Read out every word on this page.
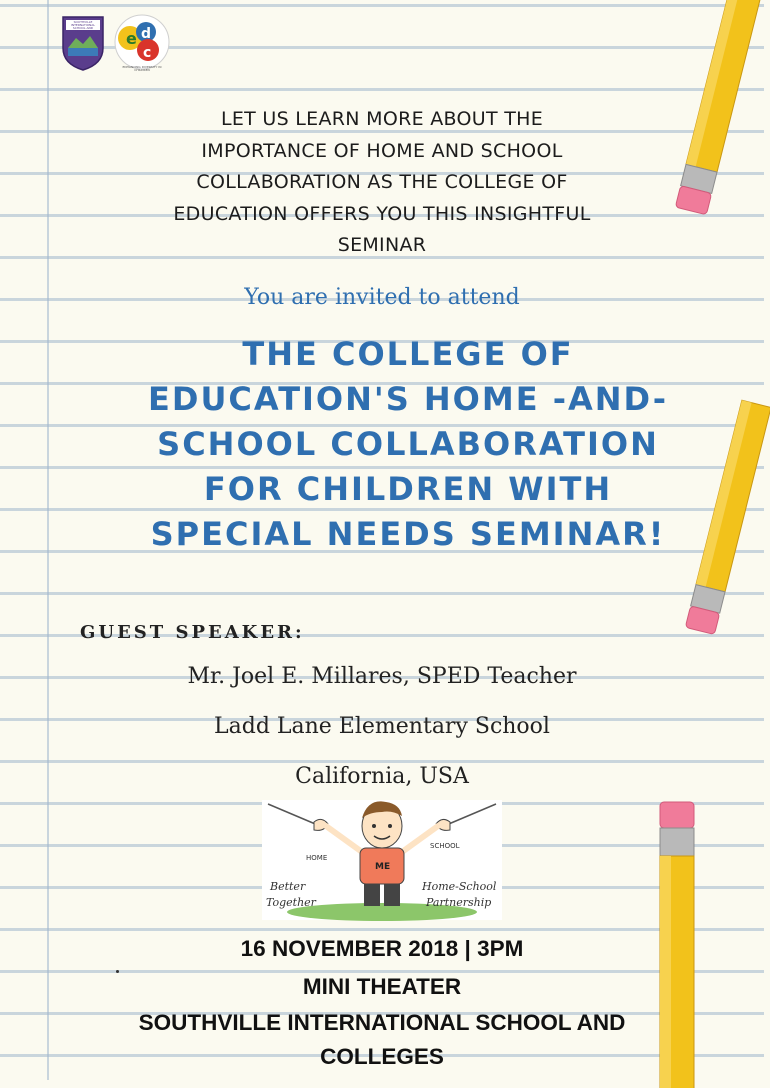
SOUTHVILLE INTERNATIONAL SCHOOL AND COLLEGES	e d
c
ENHANCING DIVERSITY IN CHILDREN
LET US LEARN MORE ABOUT THE
IMPORTANCE OF HOME AND SCHOOL
COLLABORATION AS THE COLLEGE OF
EDUCATION OFFERS YOU THIS INSIGHTFUL
SEMINAR
You are invited to attend
THE COLLEGE OF
EDUCATION'S HOME -AND-
SCHOOL COLLABORATION
FOR CHILDREN WITH
SPECIAL NEEDS SEMINAR!
GUEST SPEAKER:
Mr. Joel E. Millares, SPED Teacher
Ladd Lane Elementary School
California, USA
HOME
SCHOOL
ME
Better
Together
Home-School
Partnership
16 NOVEMBER 2018 | 3PM
MINI THEATER
SOUTHVILLE INTERNATIONAL SCHOOL AND
COLLEGES
